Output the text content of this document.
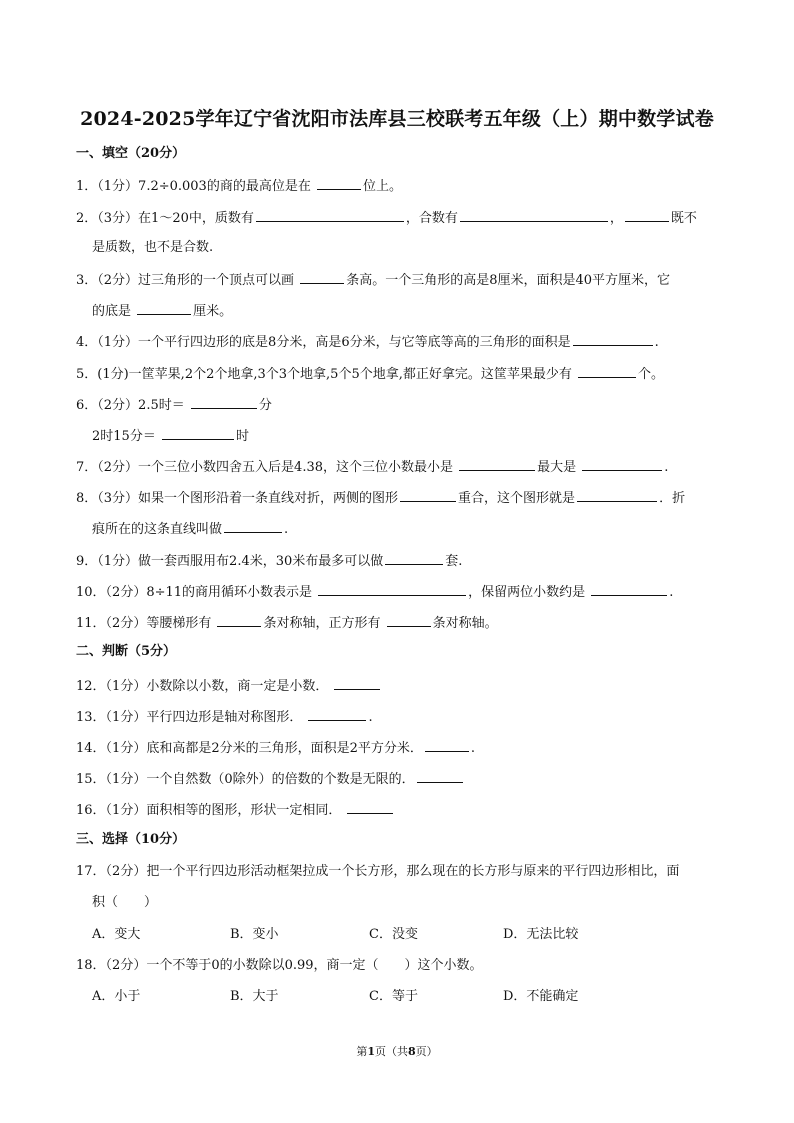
2024-2025学年辽宁省沈阳市法库县三校联考五年级（上）期中数学试卷
一、填空（20分）
1．（1分）7.2÷0.003的商的最高位是在	位上。
2．（3分）在1～20中，质数有	，合数有	，	既不
是质数，也不是合数.
3．（2分）过三角形的一个顶点可以画	条高。一个三角形的高是8厘米，面积是40平方厘米，它
的底是	厘米。
4．（1分）一个平行四边形的底是8分米，高是6分米，与它等底等高的三角形的面积是	.
5．(1分)一筐苹果,2个2个地拿,3个3个地拿,5个5个地拿,都正好拿完。这筐苹果最少有	个。
6．（2分）2.5时＝	分
2时15分＝	时
7．（2分）一个三位小数四舍五入后是4.38，这个三位小数最小是	最大是	.
8．（3分）如果一个图形沿着一条直线对折，两侧的图形	重合，这个图形就是	．折
痕所在的这条直线叫做	.
9．（1分）做一套西服用布2.4米，30米布最多可以做	套.
10．（2分）8÷11的商用循环小数表示是	，保留两位小数约是	.
11．（2分）等腰梯形有	条对称轴，正方形有	条对称轴。
二、判断（5分）
12．（1分）小数除以小数，商一定是小数．
13．（1分）平行四边形是轴对称图形．	.
14．（1分）底和高都是2分米的三角形，面积是2平方分米．	.
15．（1分）一个自然数（0除外）的倍数的个数是无限的．
16．（1分）面积相等的图形，形状一定相同．
三、选择（10分）
17．（2分）把一个平行四边形活动框架拉成一个长方形，那么现在的长方形与原来的平行四边形相比，面
积（　　）
A．变大	B．变小	C．没变	D．无法比较
18．（2分）一个不等于0的小数除以0.99，商一定（　　）这个小数。
A．小于	B．大于	C．等于	D．不能确定
第1页（共8页）
